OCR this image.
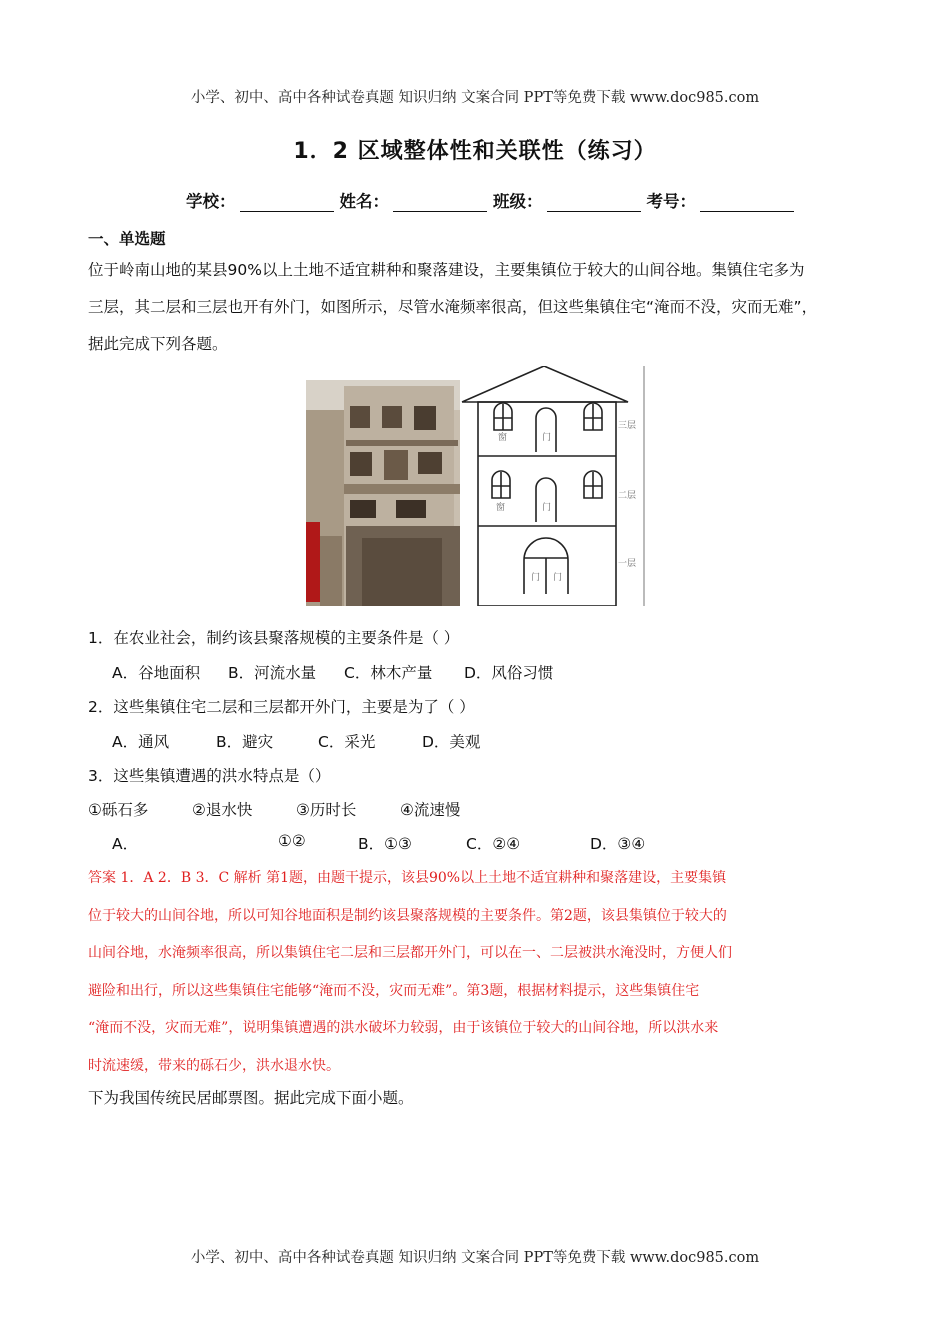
小学、初中、高中各种试卷真题 知识归纳 文案合同 PPT等免费下载 www.doc985.com
1．2 区域整体性和关联性（练习）
学校：	姓名：	班级：	考号：
一、单选题
位于岭南山地的某县90%以上土地不适宜耕种和聚落建设，主要集镇位于较大的山间谷地。集镇住宅多为
三层，其二层和三层也开有外门，如图所示，尽管水淹频率很高，但这些集镇住宅“淹而不没，灾而无难”，
据此完成下列各题。
三层
二层
一层
窗	门
窗	门
门 门
1．在农业社会，制约该县聚落规模的主要条件是（ ）
A．谷地面积 B．河流水量 C．林木产量 D．风俗习惯
2．这些集镇住宅二层和三层都开外门，主要是为了（ ）
A．通风	B．避灾	C．采光	D．美观
3．这些集镇遭遇的洪水特点是（）
①砾石多	②退水快	③历时长	④流速慢
A．	①②	B．①③	C．②④	D．③④
答案 1．A 2．B 3．C 解析 第1题，由题干提示，该县90%以上土地不适宜耕种和聚落建设，主要集镇
位于较大的山间谷地，所以可知谷地面积是制约该县聚落规模的主要条件。第2题，该县集镇位于较大的
山间谷地，水淹频率很高，所以集镇住宅二层和三层都开外门，可以在一、二层被洪水淹没时，方便人们
避险和出行，所以这些集镇住宅能够“淹而不没，灾而无难”。第3题，根据材料提示，这些集镇住宅
“淹而不没，灾而无难”，说明集镇遭遇的洪水破坏力较弱，由于该镇位于较大的山间谷地，所以洪水来
时流速缓，带来的砾石少，洪水退水快。
下为我国传统民居邮票图。据此完成下面小题。
小学、初中、高中各种试卷真题 知识归纳 文案合同 PPT等免费下载 www.doc985.com
